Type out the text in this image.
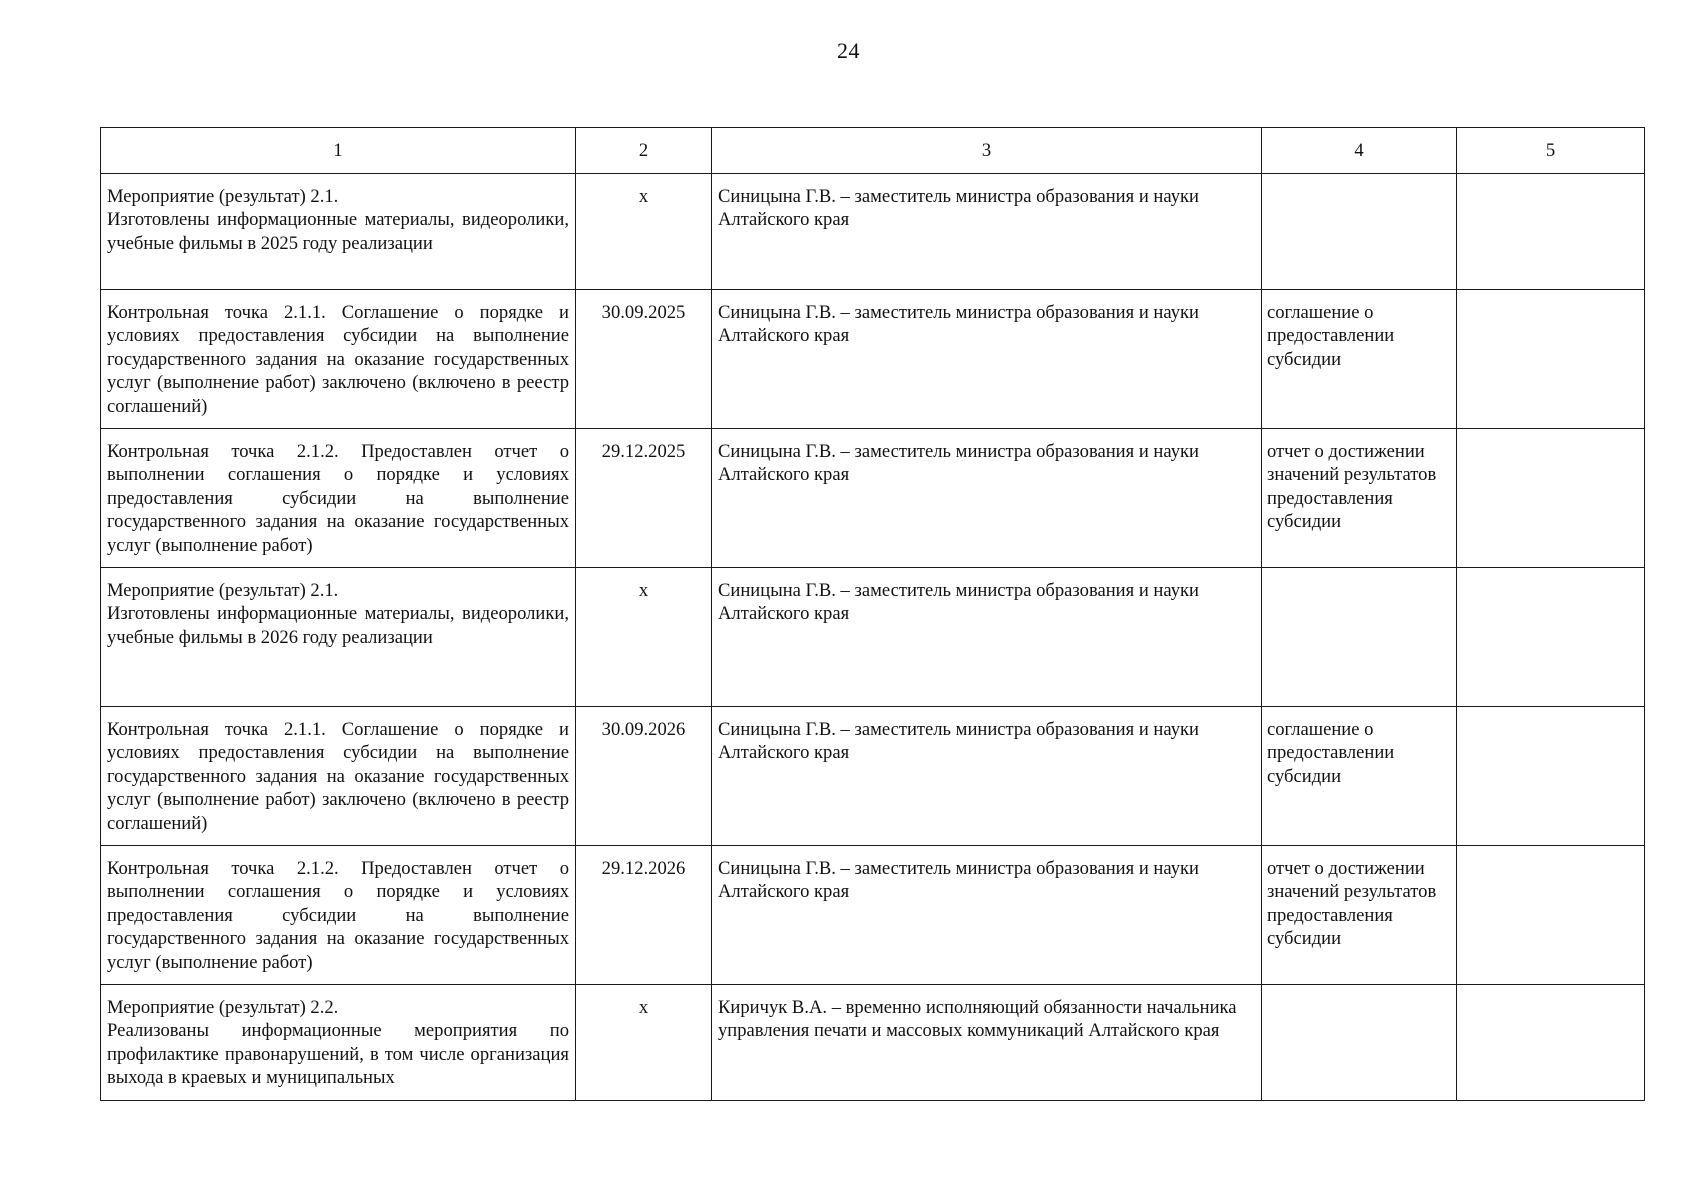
24
1	2	3	4	5

Мероприятие (результат) 2.1.
Изготовлены информационные материалы, видеоролики, учебные фильмы в 2025 году реализации	x	Синицына Г.В. – заместитель министра образования и науки Алтайского края		
Контрольная точка 2.1.1. Соглашение о порядке и условиях предоставления субсидии на выполнение государственного задания на оказание государственных услуг (выполнение работ) заключено (включено в реестр соглашений)	30.09.2025	Синицына Г.В. – заместитель министра образования и науки Алтайского края	соглашение о предоставлении субсидии	
Контрольная точка 2.1.2. Предоставлен отчет о выполнении соглашения о порядке и условиях предоставления субсидии на выполнение государственного задания на оказание государственных услуг (выполнение работ)	29.12.2025	Синицына Г.В. – заместитель министра образования и науки Алтайского края	отчет о достижении значений результатов предоставления субсидии	

Мероприятие (результат) 2.1.
Изготовлены информационные материалы, видеоролики, учебные фильмы в 2026 году реализации	x	Синицына Г.В. – заместитель министра образования и науки Алтайского края		
Контрольная точка 2.1.1. Соглашение о порядке и условиях предоставления субсидии на выполнение государственного задания на оказание государственных услуг (выполнение работ) заключено (включено в реестр соглашений)	30.09.2026	Синицына Г.В. – заместитель министра образования и науки Алтайского края	соглашение о предоставлении субсидии	
Контрольная точка 2.1.2. Предоставлен отчет о выполнении соглашения о порядке и условиях предоставления субсидии на выполнение государственного задания на оказание государственных услуг (выполнение работ)	29.12.2026	Синицына Г.В. – заместитель министра образования и науки Алтайского края	отчет о достижении значений результатов предоставления субсидии	

Мероприятие (результат) 2.2.
Реализованы информационные мероприятия по профилактике правонарушений, в том числе организация выхода в краевых и муниципальных	x	Киричук В.А. – временно исполняющий обязанности начальника управления печати и массовых коммуникаций Алтайского края		
